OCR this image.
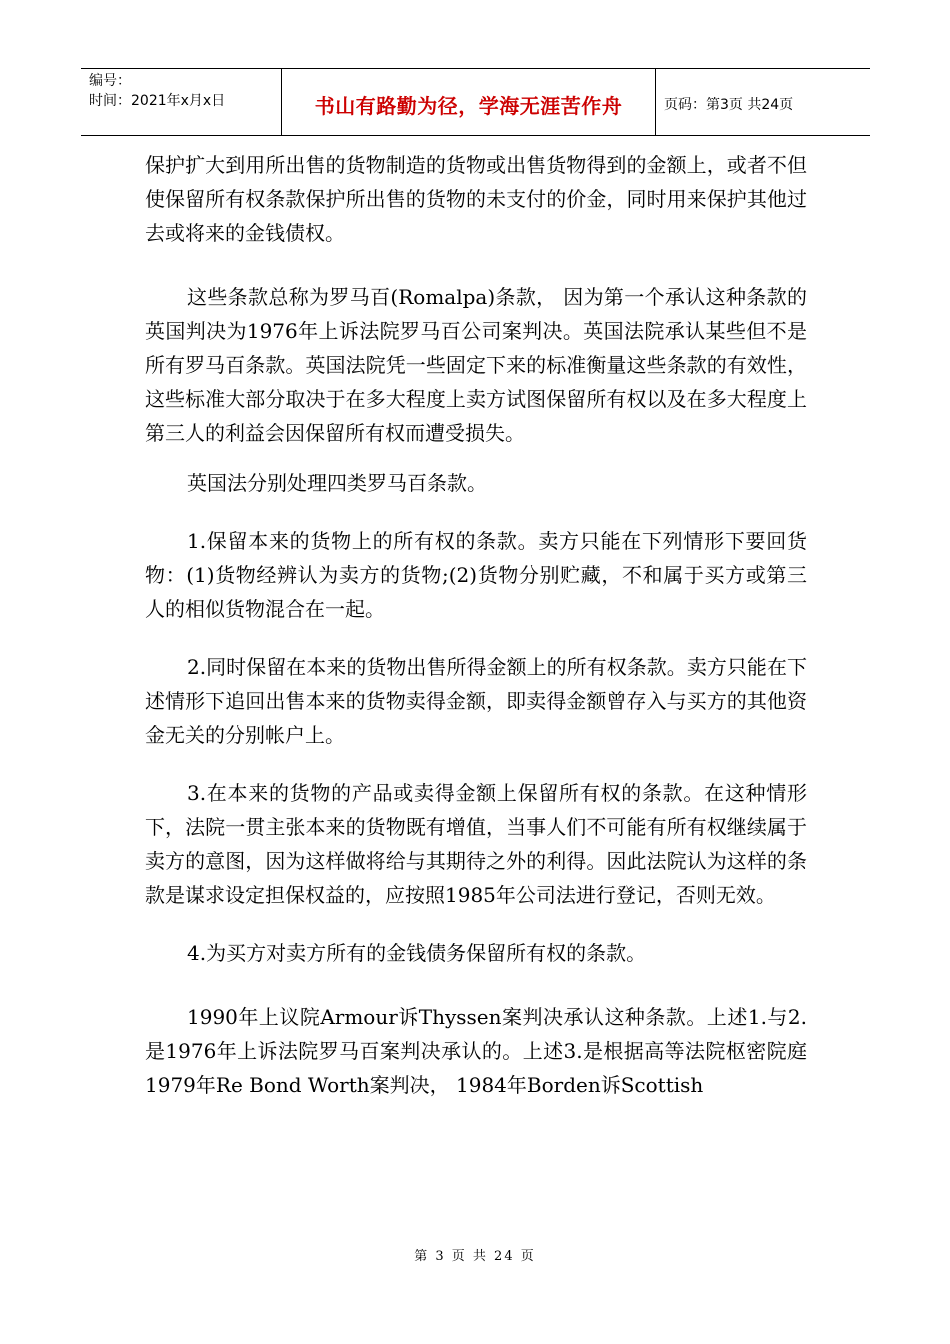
编号：
时间：2021年x月x日	书山有路勤为径，学海无涯苦作舟	页码：第3页 共24页

保护扩大到用所出售的货物制造的货物或出售货物得到的金额上，或者不但使保留所有权条款保护所出售的货物的未支付的价金，同时用来保护其他过去或将来的金钱债权。

这些条款总称为罗马百(Romalpa)条款， 因为第一个承认这种条款的英国判决为1976年上诉法院罗马百公司案判决。英国法院承认某些但不是所有罗马百条款。英国法院凭一些固定下来的标准衡量这些条款的有效性，这些标准大部分取决于在多大程度上卖方试图保留所有权以及在多大程度上第三人的利益会因保留所有权而遭受损失。

英国法分别处理四类罗马百条款。

1.保留本来的货物上的所有权的条款。卖方只能在下列情形下要回货物：(1)货物经辨认为卖方的货物;(2)货物分别贮藏，不和属于买方或第三人的相似货物混合在一起。

2.同时保留在本来的货物出售所得金额上的所有权条款。卖方只能在下述情形下追回出售本来的货物卖得金额，即卖得金额曾存入与买方的其他资金无关的分别帐户上。

3.在本来的货物的产品或卖得金额上保留所有权的条款。在这种情形下，法院一贯主张本来的货物既有增值，当事人们不可能有所有权继续属于卖方的意图，因为这样做将给与其期待之外的利得。因此法院认为这样的条款是谋求设定担保权益的，应按照1985年公司法进行登记，否则无效。

4.为买方对卖方所有的金钱债务保留所有权的条款。

1990年上议院Armour诉Thyssen案判决承认这种条款。上述1.与2.是1976年上诉法院罗马百案判决承认的。上述3.是根据高等法院枢密院庭1979年Re Bond Worth案判决， 1984年Borden诉Scottish

第 3 页 共 24 页
